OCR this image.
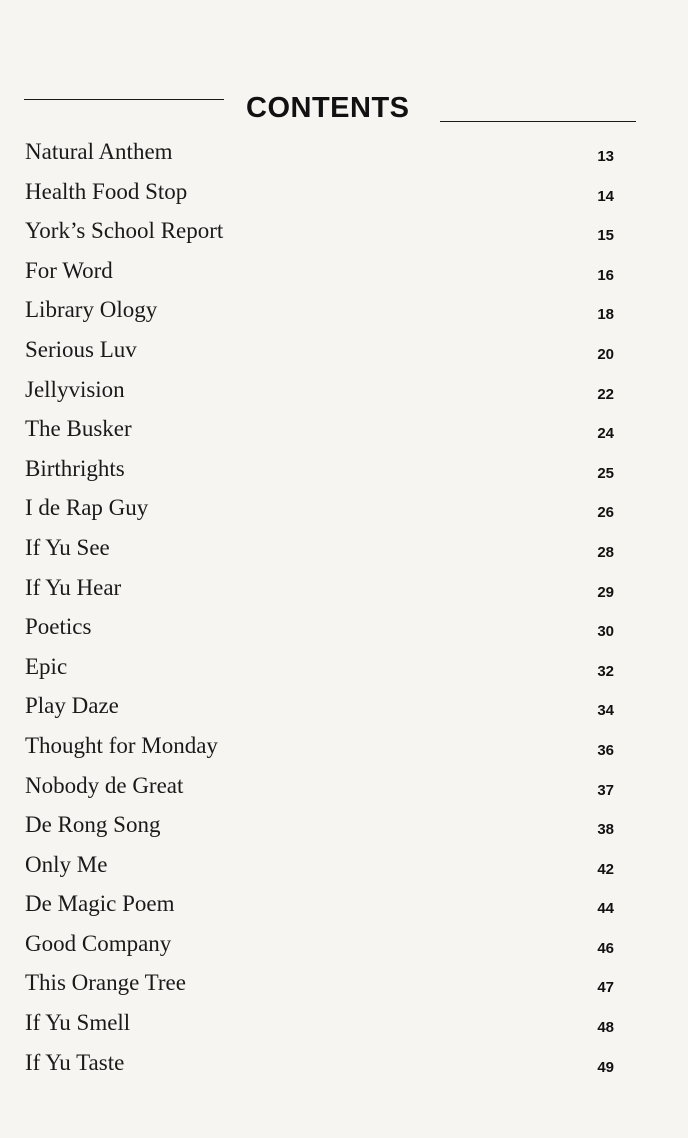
CONTENTS
Natural Anthem	13
Health Food Stop	14
York’s School Report	15
For Word	16
Library Ology	18
Serious Luv	20
Jellyvision	22
The Busker	24
Birthrights	25
I de Rap Guy	26
If Yu See	28
If Yu Hear	29
Poetics	30
Epic	32
Play Daze	34
Thought for Monday	36
Nobody de Great	37
De Rong Song	38
Only Me	42
De Magic Poem	44
Good Company	46
This Orange Tree	47
If Yu Smell	48
If Yu Taste	49
